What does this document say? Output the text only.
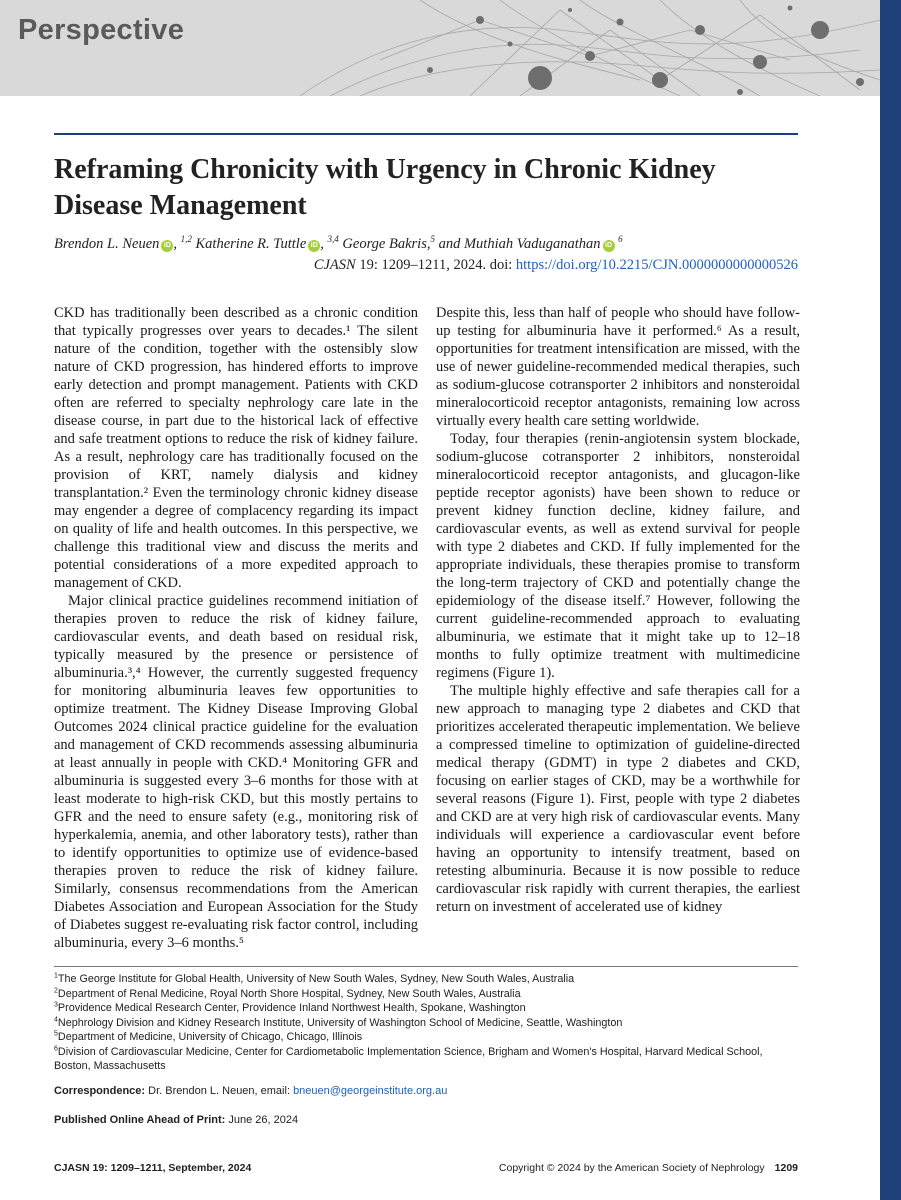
Perspective
Reframing Chronicity with Urgency in Chronic Kidney Disease Management
Brendon L. Neuen iD , $^{1,2}$ Katherine R. Tuttle iD , $^{3,4}$ George Bakris,$^5$ and Muthiah Vaduganathan iD $^6$
CJASN 19: 1209–1211, 2024. doi: https://doi.org/10.2215/CJN.0000000000000526

CKD has traditionally been described as a chronic condition that typically progresses over years to decades.¹ The silent nature of the condition, together with the ostensibly slow nature of CKD progression, has hindered efforts to improve early detection and prompt management. Patients with CKD often are referred to specialty nephrology care late in the disease course, in part due to the historical lack of effective and safe treatment options to reduce the risk of kidney failure. As a result, nephrology care has traditionally focused on the provision of KRT, namely dialysis and kidney transplantation.² Even the terminology chronic kidney disease may engender a degree of complacency regarding its impact on quality of life and health outcomes. In this perspective, we challenge this traditional view and discuss the merits and potential considerations of a more expedited approach to management of CKD.

Major clinical practice guidelines recommend initiation of therapies proven to reduce the risk of kidney failure, cardiovascular events, and death based on residual risk, typically measured by the presence or persistence of albuminuria.³,⁴ However, the currently suggested frequency for monitoring albuminuria leaves few opportunities to optimize treatment. The Kidney Disease Improving Global Outcomes 2024 clinical practice guideline for the evaluation and management of CKD recommends assessing albuminuria at least annually in people with CKD.⁴ Monitoring GFR and albuminuria is suggested every 3–6 months for those with at least moderate to high-risk CKD, but this mostly pertains to GFR and the need to ensure safety (e.g., monitoring risk of hyperkalemia, anemia, and other laboratory tests), rather than to identify opportunities to optimize use of evidence-based therapies proven to reduce the risk of kidney failure. Similarly, consensus recommendations from the American Diabetes Association and European Association for the Study of Diabetes suggest re-evaluating risk factor control, including albuminuria, every 3–6 months.⁵

Despite this, less than half of people who should have follow-up testing for albuminuria have it performed.⁶ As a result, opportunities for treatment intensification are missed, with the use of newer guideline-recommended medical therapies, such as sodium-glucose cotransporter 2 inhibitors and nonsteroidal mineralocorticoid receptor antagonists, remaining low across virtually every health care setting worldwide.

Today, four therapies (renin-angiotensin system blockade, sodium-glucose cotransporter 2 inhibitors, nonsteroidal mineralocorticoid receptor antagonists, and glucagon-like peptide receptor agonists) have been shown to reduce or prevent kidney function decline, kidney failure, and cardiovascular events, as well as extend survival for people with type 2 diabetes and CKD. If fully implemented for the appropriate individuals, these therapies promise to transform the long-term trajectory of CKD and potentially change the epidemiology of the disease itself.⁷ However, following the current guideline-recommended approach to evaluating albuminuria, we estimate that it might take up to 12–18 months to fully optimize treatment with multimedicine regimens (Figure 1).

The multiple highly effective and safe therapies call for a new approach to managing type 2 diabetes and CKD that prioritizes accelerated therapeutic implementation. We believe a compressed timeline to optimization of guideline-directed medical therapy (GDMT) in type 2 diabetes and CKD, focusing on earlier stages of CKD, may be a worthwhile for several reasons (Figure 1). First, people with type 2 diabetes and CKD are at very high risk of cardiovascular events. Many individuals will experience a cardiovascular event before having an opportunity to intensify treatment, based on retesting albuminuria. Because it is now possible to reduce cardiovascular risk rapidly with current therapies, the earliest return on investment of accelerated use of kidney

$^1$The George Institute for Global Health, University of New South Wales, Sydney, New South Wales, Australia
$^2$Department of Renal Medicine, Royal North Shore Hospital, Sydney, New South Wales, Australia
$^3$Providence Medical Research Center, Providence Inland Northwest Health, Spokane, Washington
$^4$Nephrology Division and Kidney Research Institute, University of Washington School of Medicine, Seattle, Washington
$^5$Department of Medicine, University of Chicago, Chicago, Illinois
$^6$Division of Cardiovascular Medicine, Center for Cardiometabolic Implementation Science, Brigham and Women's Hospital, Harvard Medical School, Boston, Massachusetts
Correspondence: Dr. Brendon L. Neuen, email: bneuen@georgeinstitute.org.au
Published Online Ahead of Print: June 26, 2024
CJASN 19: 1209–1211, September, 2024	Copyright © 2024 by the American Society of Nephrology 1209
